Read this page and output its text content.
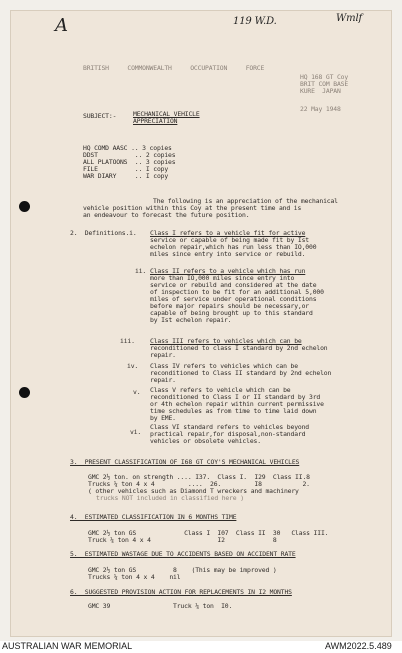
A	119 W.D.	Wmlf
BRITISH     COMMONWEALTH     OCCUPATION     FORCE
HQ 168 GT Coy
BRIT COM BASE
KURE  JAPAN
22 May 1948
SUBJECT:-	MECHANICAL VEHICLE
APPRECIATION
HQ COMD AASC .. 3 copies
DDST          .. 2 copies
ALL PLATOONS  .. 3 copies
FILE          .. I copy
WAR DIARY     .. I copy
The following is an appreciation of the mechanical
vehicle position within this Coy at the present time and is
an endeavour to forecast the future position.
2.  Definitions.i. Class I refers to a vehicle fit for active
service or capable of being made fit by Ist
echelon repair,which has run less than IO,000
miles since entry into service or rebuild.
ii. Class II refers to a vehicle which has run
more than IO,000 miles since entry into
service or rebuild and considered at the date
of inspection to be fit for an additional 5,000
miles of service under operational conditions
before major repairs should be necessary,or
capable of being brought up to this standard
by Ist echelon repair.
iii. Class III refers to vehicles which can be
reconditioned to class I standard by 2nd echelon
repair.
iv. Class IV refers to vehicles which can be
reconditioned to Class II standard by 2nd echelon
repair.
v. Class V refers to vehicle which can be
reconditioned to Class I or II standard by 3rd
or 4th echelon repair within current permissive
time schedules as from time to time laid down
by EME.
vi.
Class VI standard refers to vehicles beyond
practical repair,for disposal,non-standard
vehicles or obsolete vehicles.
3.  PRESENT CLASSIFICATION OF I68 GT COY'S MECHANICAL VEHICLES
GMC 2½ ton. on strength .... I37.  Class I.  I29  Class II.8
Trucks ¼ ton 4 x 4         ....  26.         I8           2.
( other vehicles such as Diamond T wreckers and machinery
trucks NOT included in classified here )
4.  ESTIMATED CLASSIFICATION IN 6 MONTHS TIME
GMC 2½ ton GS             Class I  I07  Class II  30   Class III.
Truck ¼ ton 4 x 4                  I2             8
5.  ESTIMATED WASTAGE DUE TO ACCIDENTS BASED ON ACCIDENT RATE
GMC 2½ ton GS          8    (This may be improved )
Trucks ¼ ton 4 x 4    nil
6.  SUGGESTED PROVISION ACTION FOR REPLACEMENTS IN I2 MONTHS
GMC 39                 Truck ¼ ton  I0.
AUSTRALIAN WAR MEMORIAL	AWM2022.5.489
